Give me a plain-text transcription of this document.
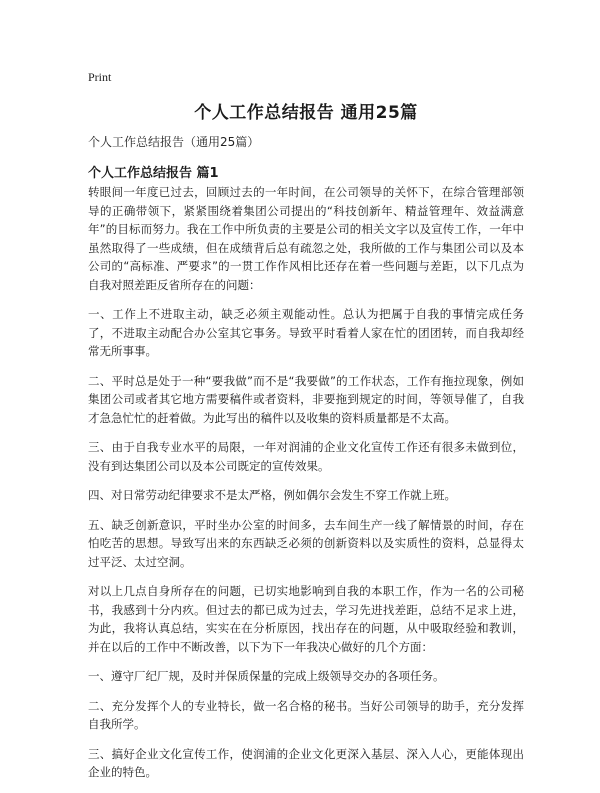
Print
个人工作总结报告 通用25篇

个人工作总结报告（通用25篇）

个人工作总结报告 篇1

转眼间一年度已过去，回顾过去的一年时间，在公司领导的关怀下，在综合管理部领导的正确带领下，紧紧围绕着集团公司提出的“科技创新年、精益管理年、效益满意年”的目标而努力。我在工作中所负责的主要是公司的相关文字以及宣传工作，一年中虽然取得了一些成绩，但在成绩背后总有疏忽之处，我所做的工作与集团公司以及本公司的“高标准、严要求”的一贯工作作风相比还存在着一些问题与差距，以下几点为自我对照差距反省所存在的问题：

一、工作上不进取主动，缺乏必须主观能动性。总认为把属于自我的事情完成任务了，不进取主动配合办公室其它事务。导致平时看着人家在忙的团团转，而自我却经常无所事事。

二、平时总是处于一种“要我做”而不是“我要做”的工作状态，工作有拖拉现象，例如集团公司或者其它地方需要稿件或者资料，非要拖到规定的时间，等领导催了，自我才急急忙忙的赶着做。为此写出的稿件以及收集的资料质量都是不太高。

三、由于自我专业水平的局限，一年对润浦的企业文化宣传工作还有很多未做到位，没有到达集团公司以及本公司既定的宣传效果。

四、对日常劳动纪律要求不是太严格，例如偶尔会发生不穿工作就上班。

五、缺乏创新意识，平时坐办公室的时间多，去车间生产一线了解情景的时间，存在怕吃苦的思想。导致写出来的东西缺乏必须的创新资料以及实质性的资料，总显得太过平泛、太过空洞。

对以上几点自身所存在的问题，已切实地影响到自我的本职工作，作为一名的公司秘书，我感到十分内疚。但过去的都已成为过去，学习先进找差距，总结不足求上进，为此，我将认真总结，实实在在分析原因，找出存在的问题，从中吸取经验和教训，并在以后的工作中不断改善，以下为下一年我决心做好的几个方面：

一、遵守厂纪厂规，及时并保质保量的完成上级领导交办的各项任务。

二、充分发挥个人的专业特长，做一名合格的秘书。当好公司领导的助手，充分发挥自我所学。

三、搞好企业文化宣传工作，使润浦的企业文化更深入基层、深入人心，更能体现出企业的特色。
